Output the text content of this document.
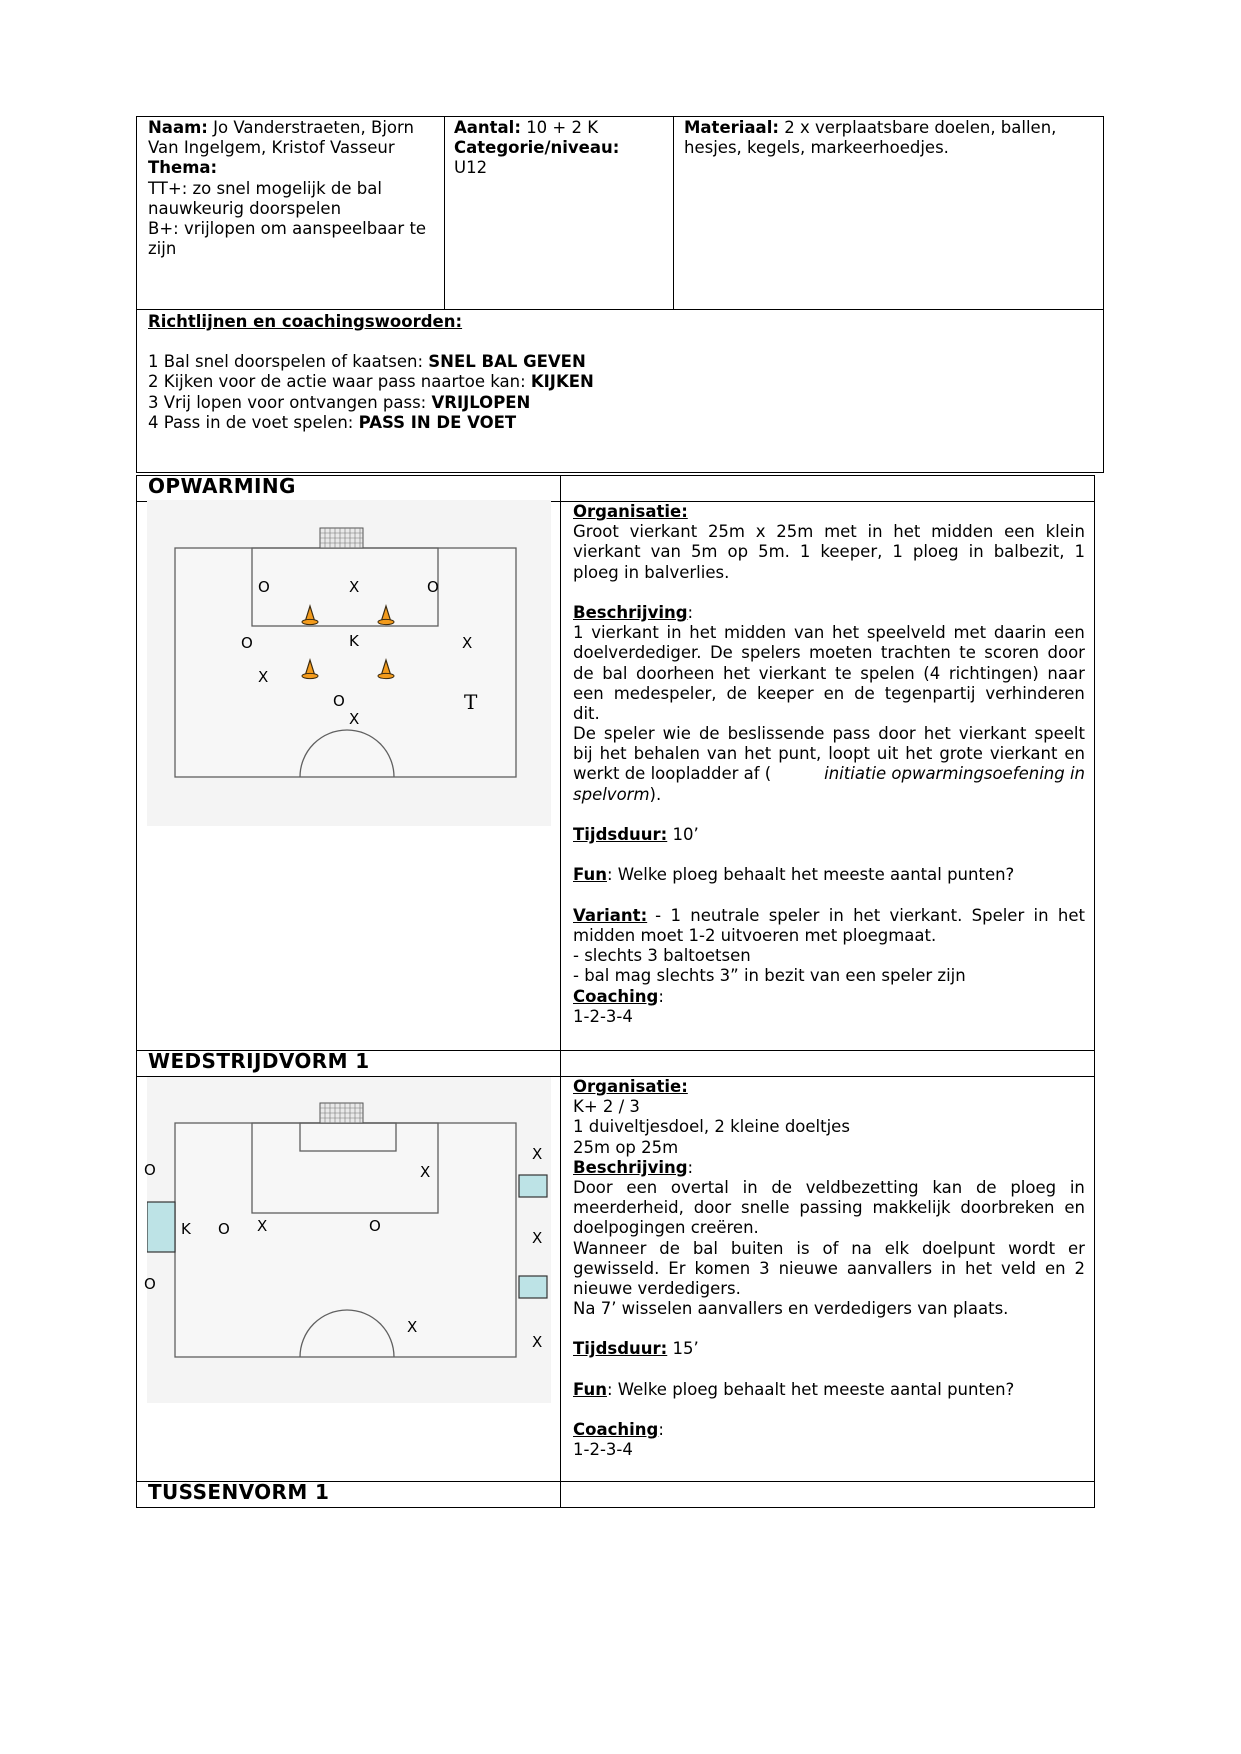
Naam: Jo Vanderstraeten, Bjorn
Van Ingelgem, Kristof Vasseur
Thema:
TT+: zo snel mogelijk de bal
nauwkeurig doorspelen
B+: vrijlopen om aanspeelbaar te
zijn
Aantal: 10 + 2 K
Categorie/niveau:
U12
Materiaal: 2 x verplaatsbare doelen, ballen,
hesjes, kegels, markeerhoedjes.
Richtlijnen en coachingswoorden:
1 Bal snel doorspelen of kaatsen: SNEL BAL GEVEN
2 Kijken voor de actie waar pass naartoe kan: KIJKEN
3 Vrij lopen voor ontvangen pass: VRIJLOPEN
4 Pass in de voet spelen: PASS IN DE VOET
OPWARMING
WEDSTRIJDVORM 1
TUSSENVORM 1
O	X	O
O	K	X
X
O
X
T
Organisatie:
Groot vierkant 25m x 25m met in het midden een klein
vierkant van 5m op 5m. 1 keeper, 1 ploeg in balbezit, 1
ploeg in balverlies.
Beschrijving:
1 vierkant in het midden van het speelveld met daarin een
doelverdediger. De spelers moeten trachten te scoren door
de bal doorheen het vierkant te spelen (4 richtingen) naar
een medespeler, de keeper en de tegenpartij verhinderen
dit.
De speler wie de beslissende pass door het vierkant speelt
bij het behalen van het punt, loopt uit het grote vierkant en
werkt de loopladder af (	initiatie opwarmingsoefening in
spelvorm).
Tijdsduur: 10’
Fun: Welke ploeg behaalt het meeste aantal punten?
Variant: - 1 neutrale speler in het vierkant. Speler in het
midden moet 1-2 uitvoeren met ploegmaat.
- slechts 3 baltoetsen
- bal mag slechts 3” in bezit van een speler zijn
Coaching:
1-2-3-4
X
O	X
K O X	O
X
O
X
X
Organisatie:
K+ 2 / 3
1 duiveltjesdoel, 2 kleine doeltjes
25m op 25m
Beschrijving:
Door een overtal in de veldbezetting kan de ploeg in
meerderheid, door snelle passing makkelijk doorbreken en
doelpogingen creëren.
Wanneer de bal buiten is of na elk doelpunt wordt er
gewisseld. Er komen 3 nieuwe aanvallers in het veld en 2
nieuwe verdedigers.
Na 7’ wisselen aanvallers en verdedigers van plaats.
Tijdsduur: 15’
Fun: Welke ploeg behaalt het meeste aantal punten?
Coaching:
1-2-3-4
